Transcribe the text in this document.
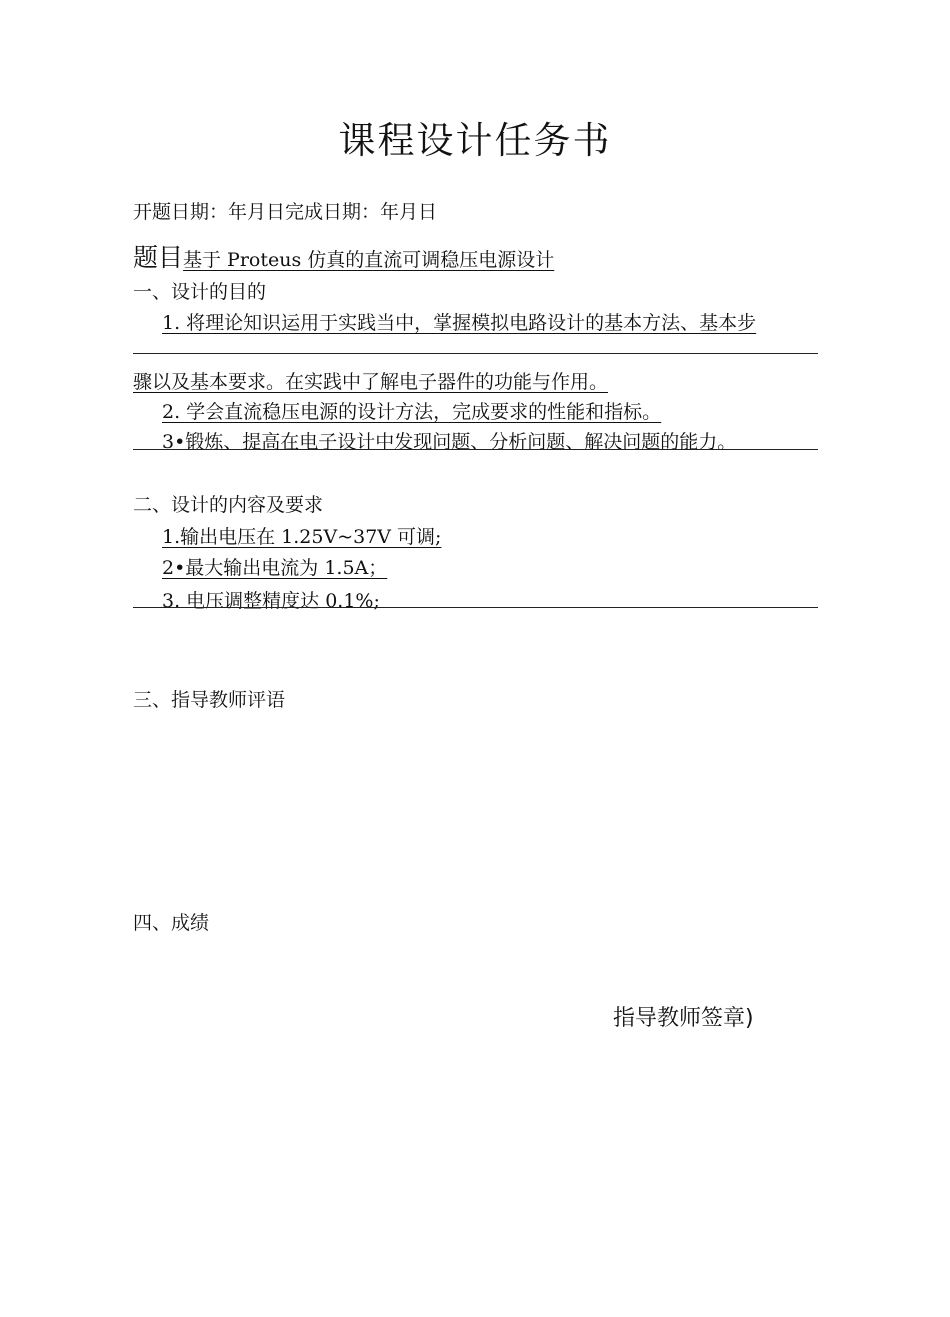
课程设计任务书
开题日期：年月日完成日期：年月日
题目基于 Proteus 仿真的直流可调稳压电源设计
一、设计的目的
1. 将理论知识运用于实践当中，掌握模拟电路设计的基本方法、基本步
骤以及基本要求。在实践中了解电子器件的功能与作用。
2. 学会直流稳压电源的设计方法，完成要求的性能和指标。
3•锻炼、提高在电子设计中发现问题、分析问题、解决问题的能力。
二、设计的内容及要求
1.输出电压在 1.25V~37V 可调;
2•最大输出电流为 1.5A；
3. 电压调整精度达 0.1%;
三、指导教师评语
四、成绩
指导教师签章)
